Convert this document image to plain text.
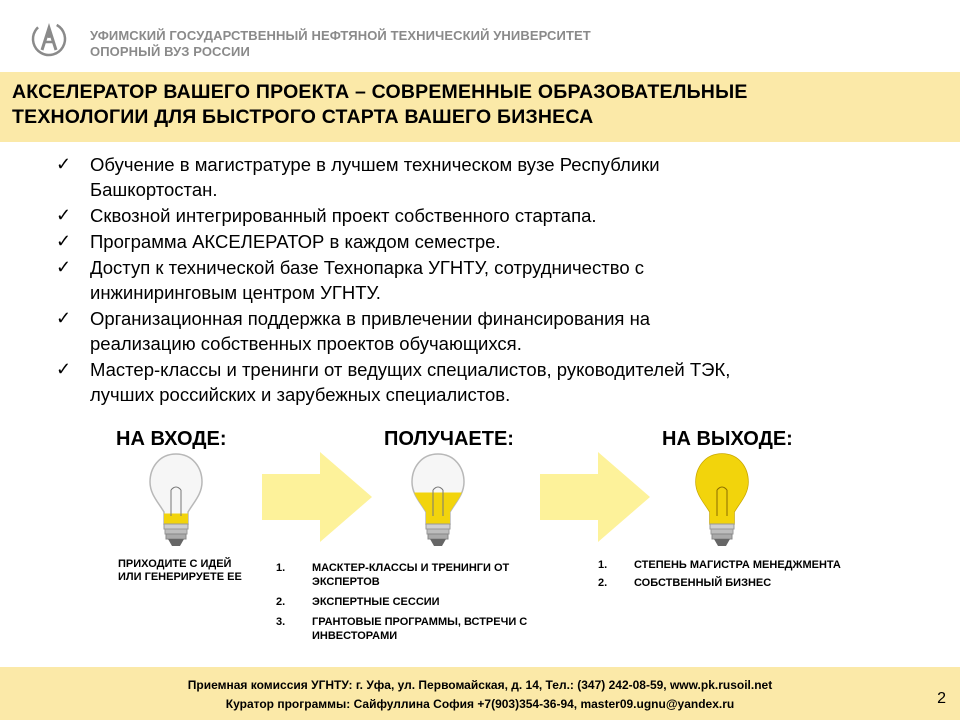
УФИМСКИЙ ГОСУДАРСТВЕННЫЙ НЕФТЯНОЙ ТЕХНИЧЕСКИЙ УНИВЕРСИТЕТ
ОПОРНЫЙ ВУЗ РОССИИ
АКСЕЛЕРАТОР ВАШЕГО ПРОЕКТА – СОВРЕМЕННЫЕ ОБРАЗОВАТЕЛЬНЫЕ
ТЕХНОЛОГИИ ДЛЯ БЫСТРОГО СТАРТА ВАШЕГО БИЗНЕСА
✓ Обучение в магистратуре в лучшем техническом вузе Республики
Башкортостан.
✓ Сквозной интегрированный проект собственного стартапа.
✓ Программа АКСЕЛЕРАТОР в каждом семестре.
✓ Доступ к технической базе Технопарка УГНТУ, сотрудничество с
инжиниринговым центром УГНТУ.
✓ Организационная поддержка в привлечении финансирования на
реализацию собственных проектов обучающихся.
✓ Мастер-классы и тренинги от ведущих специалистов, руководителей ТЭК,
лучших российских и зарубежных специалистов.
НА ВХОДЕ:	ПОЛУЧАЕТЕ:	НА ВЫХОДЕ:
ПРИХОДИТЕ С ИДЕЙ
ИЛИ ГЕНЕРИРУЕТЕ ЕЕ
1. МАСКТЕР-КЛАССЫ И ТРЕНИНГИ ОТ
ЭКСПЕРТОВ
2. ЭКСПЕРТНЫЕ СЕССИИ
3. ГРАНТОВЫЕ ПРОГРАММЫ, ВСТРЕЧИ С
ИНВЕСТОРАМИ
1. СТЕПЕНЬ МАГИСТРА МЕНЕДЖМЕНТА
2. СОБСТВЕННЫЙ БИЗНЕС
Приемная комиссия УГНТУ: г. Уфа, ул. Первомайская, д. 14, Тел.: (347) 242-08-59, www.pk.rusoil.net
Куратор программы: Сайфуллина София +7(903)354-36-94, master09.ugnu@yandex.ru	2
